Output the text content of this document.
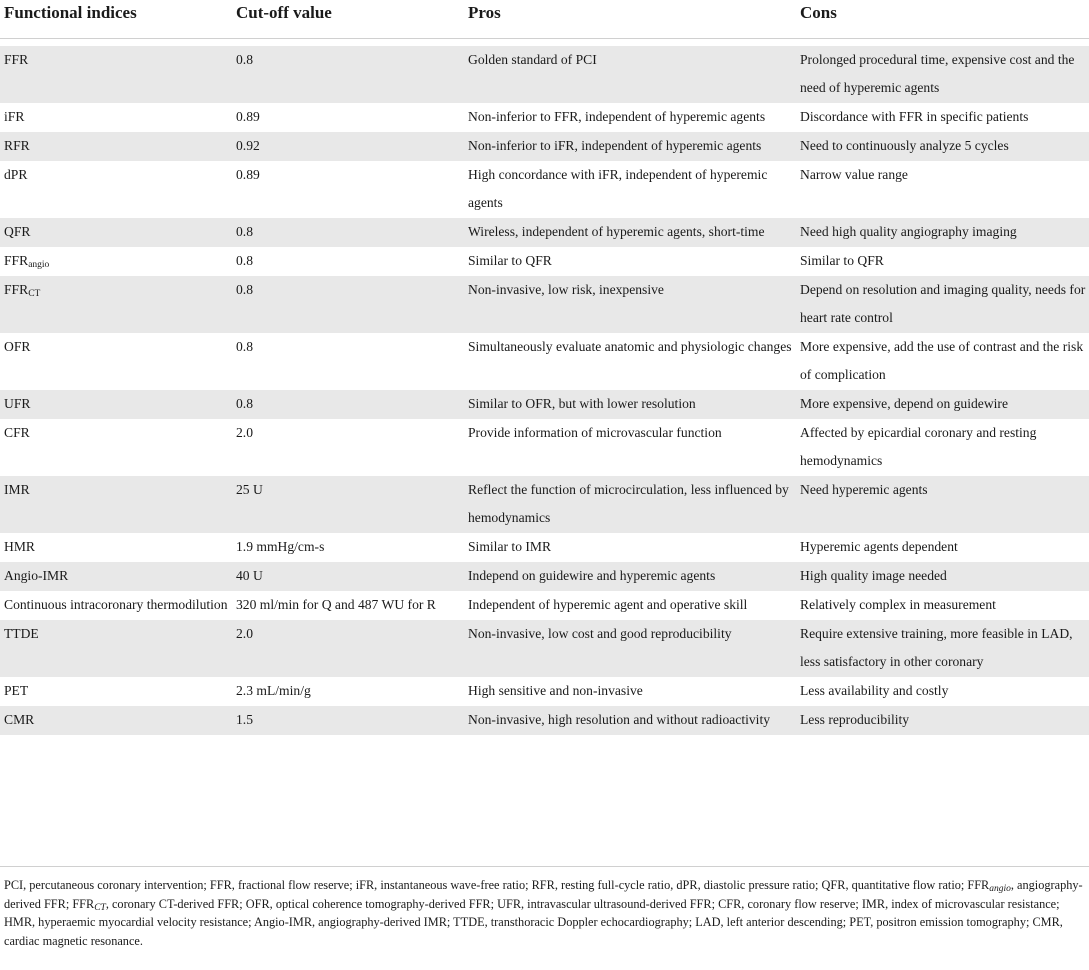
Functional indices	Cut-off value	Pros	Cons
FFR	0.8	Golden standard of PCI	Prolonged procedural time, expensive cost and the need of hyperemic agents
iFR	0.89	Non-inferior to FFR, independent of hyperemic agents	Discordance with FFR in specific patients
RFR	0.92	Non-inferior to iFR, independent of hyperemic agents	Need to continuously analyze 5 cycles
dPR	0.89	High concordance with iFR, independent of hyperemic agents	Narrow value range
QFR	0.8	Wireless, independent of hyperemic agents, short-time	Need high quality angiography imaging
$FFR_{angio}$	0.8	Similar to QFR	Similar to QFR
$FFR_{CT}$	0.8	Non-invasive, low risk, inexpensive	Depend on resolution and imaging quality, needs for heart rate control
OFR	0.8	Simultaneously evaluate anatomic and physiologic changes	More expensive, add the use of contrast and the risk of complication
UFR	0.8	Similar to OFR, but with lower resolution	More expensive, depend on guidewire
CFR	2.0	Provide information of microvascular function	Affected by epicardial coronary and resting hemodynamics
IMR	25 U	Reflect the function of microcirculation, less influenced by hemodynamics	Need hyperemic agents
HMR	1.9 mmHg/cm-s	Similar to IMR	Hyperemic agents dependent
Angio-IMR	40 U	Independ on guidewire and hyperemic agents	High quality image needed
Continuous intracoronary thermodilution	320 ml/min for Q and 487 WU for R	Independent of hyperemic agent and operative skill	Relatively complex in measurement
TTDE	2.0	Non-invasive, low cost and good reproducibility	Require extensive training, more feasible in LAD, less satisfactory in other coronary
PET	2.3 mL/min/g	High sensitive and non-invasive	Less availability and costly
CMR	1.5	Non-invasive, high resolution and without radioactivity	Less reproducibility
PCI, percutaneous coronary intervention; FFR, fractional flow reserve; iFR, instantaneous wave-free ratio; RFR, resting full-cycle ratio, dPR, diastolic pressure ratio; QFR, quantitative flow ratio; $FFR_{angio}$, angiography-derived FFR; $FFR_{CT}$, coronary CT-derived FFR; OFR, optical coherence tomography-derived FFR; UFR, intravascular ultrasound-derived FFR; CFR, coronary flow reserve; IMR, index of microvascular resistance; HMR, hyperaemic myocardial velocity resistance; Angio-IMR, angiography-derived IMR; TTDE, transthoracic Doppler echocardiography; LAD, left anterior descending; PET, positron emission tomography; CMR, cardiac magnetic resonance.
